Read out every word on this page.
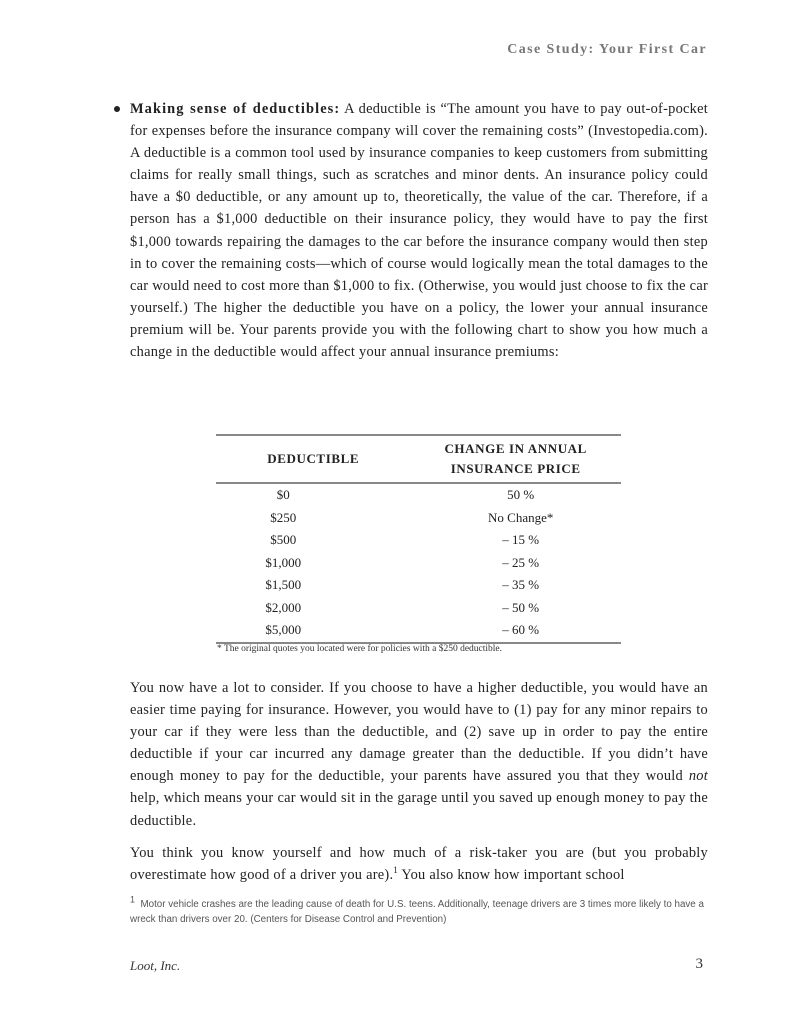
Case Study: Your First Car
Making sense of deductibles: A deductible is “The amount you have to pay out-of-pocket for expenses before the insurance company will cover the remaining costs” (Investopedia.com). A deductible is a common tool used by insurance companies to keep customers from submitting claims for really small things, such as scratches and minor dents. An insurance policy could have a $0 deductible, or any amount up to, theoretically, the value of the car. Therefore, if a person has a $1,000 deductible on their insurance policy, they would have to pay the first $1,000 towards repairing the damages to the car before the insurance company would then step in to cover the remaining costs—which of course would logically mean the total damages to the car would need to cost more than $1,000 to fix. (Otherwise, you would just choose to fix the car yourself.) The higher the deductible you have on a policy, the lower your annual insurance premium will be. Your parents provide you with the following chart to show you how much a change in the deductible would affect your annual insurance premiums:
DEDUCTIBLE	CHANGE IN ANNUAL INSURANCE PRICE
$0	50 %
$250	No Change*
$500	– 15 %
$1,000	– 25 %
$1,500	– 35 %
$2,000	– 50 %
$5,000	– 60 %
* The original quotes you located were for policies with a $250 deductible.

You now have a lot to consider. If you choose to have a higher deductible, you would have an easier time paying for insurance. However, you would have to (1) pay for any minor repairs to your car if they were less than the deductible, and (2) save up in order to pay the entire deductible if your car incurred any damage greater than the deductible. If you didn’t have enough money to pay for the deductible, your parents have assured you that they would not help, which means your car would sit in the garage until you saved up enough money to pay the deductible.

You think you know yourself and how much of a risk-taker you are (but you probably overestimate how good of a driver you are).$^1$ You also know how important school

$^1$ Motor vehicle crashes are the leading cause of death for U.S. teens. Additionally, teenage drivers are 3 times more likely to have a wreck than drivers over 20. (Centers for Disease Control and Prevention)
Loot, Inc.	3
